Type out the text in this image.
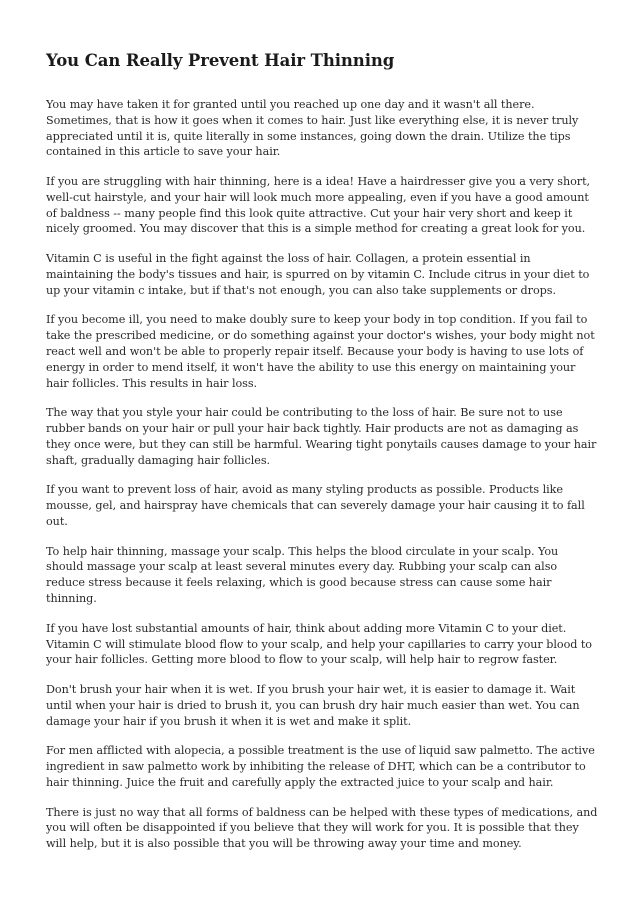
You Can Really Prevent Hair Thinning

You may have taken it for granted until you reached up one day and it wasn't all there. Sometimes, that is how it goes when it comes to hair. Just like everything else, it is never truly appreciated until it is, quite literally in some instances, going down the drain. Utilize the tips contained in this article to save your hair.

If you are struggling with hair thinning, here is a idea! Have a hairdresser give you a very short, well-cut hairstyle, and your hair will look much more appealing, even if you have a good amount of baldness -- many people find this look quite attractive. Cut your hair very short and keep it nicely groomed. You may discover that this is a simple method for creating a great look for you.

Vitamin C is useful in the fight against the loss of hair. Collagen, a protein essential in maintaining the body's tissues and hair, is spurred on by vitamin C. Include citrus in your diet to up your vitamin c intake, but if that's not enough, you can also take supplements or drops.

If you become ill, you need to make doubly sure to keep your body in top condition. If you fail to take the prescribed medicine, or do something against your doctor's wishes, your body might not react well and won't be able to properly repair itself. Because your body is having to use lots of energy in order to mend itself, it won't have the ability to use this energy on maintaining your hair follicles. This results in hair loss.

The way that you style your hair could be contributing to the loss of hair. Be sure not to use rubber bands on your hair or pull your hair back tightly. Hair products are not as damaging as they once were, but they can still be harmful. Wearing tight ponytails causes damage to your hair shaft, gradually damaging hair follicles.

If you want to prevent loss of hair, avoid as many styling products as possible. Products like mousse, gel, and hairspray have chemicals that can severely damage your hair causing it to fall out.

To help hair thinning, massage your scalp. This helps the blood circulate in your scalp. You should massage your scalp at least several minutes every day. Rubbing your scalp can also reduce stress because it feels relaxing, which is good because stress can cause some hair thinning.

If you have lost substantial amounts of hair, think about adding more Vitamin C to your diet. Vitamin C will stimulate blood flow to your scalp, and help your capillaries to carry your blood to your hair follicles. Getting more blood to flow to your scalp, will help hair to regrow faster.

Don't brush your hair when it is wet. If you brush your hair wet, it is easier to damage it. Wait until when your hair is dried to brush it, you can brush dry hair much easier than wet. You can damage your hair if you brush it when it is wet and make it split.

For men afflicted with alopecia, a possible treatment is the use of liquid saw palmetto. The active ingredient in saw palmetto work by inhibiting the release of DHT, which can be a contributor to hair thinning. Juice the fruit and carefully apply the extracted juice to your scalp and hair.

There is just no way that all forms of baldness can be helped with these types of medications, and you will often be disappointed if you believe that they will work for you. It is possible that they will help, but it is also possible that you will be throwing away your time and money.
